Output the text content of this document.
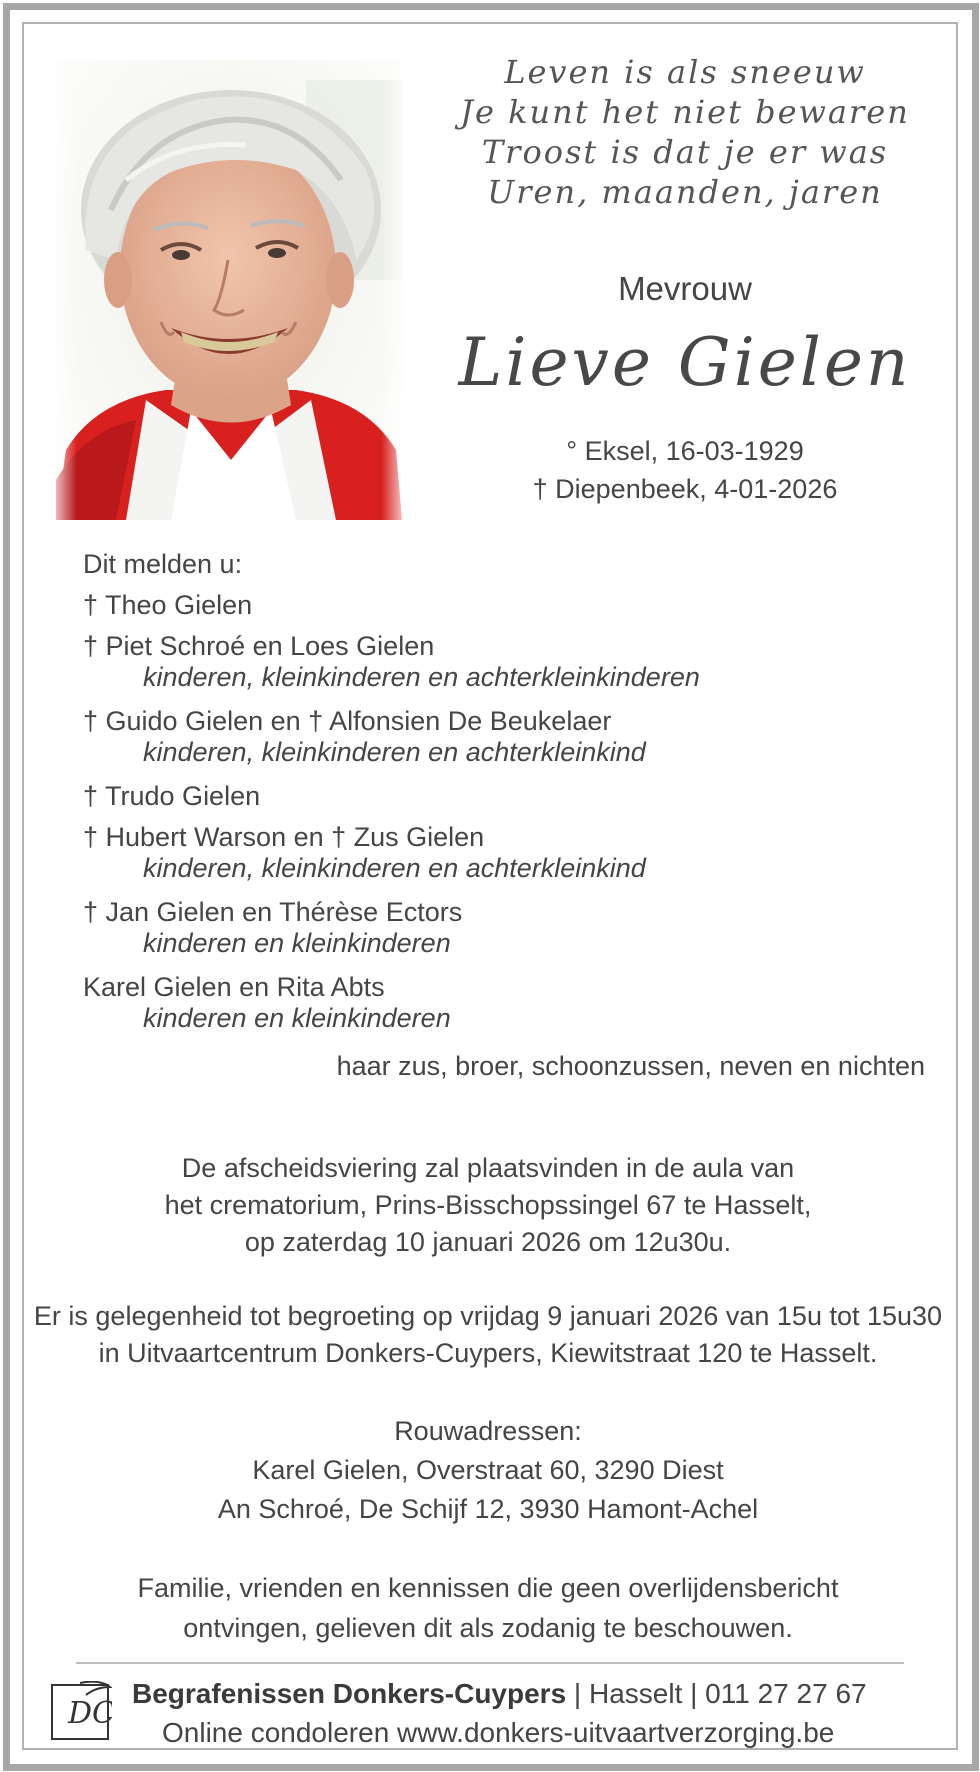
Leven is als sneeuw
Je kunt het niet bewaren
Troost is dat je er was
Uren, maanden, jaren
Mevrouw
Lieve Gielen
° Eksel, 16-03-1929
† Diepenbeek, 4-01-2026
Dit melden u:
† Theo Gielen
† Piet Schroé en Loes Gielen
kinderen, kleinkinderen en achterkleinkinderen
† Guido Gielen en † Alfonsien De Beukelaer
kinderen, kleinkinderen en achterkleinkind
† Trudo Gielen
† Hubert Warson en † Zus Gielen
kinderen, kleinkinderen en achterkleinkind
† Jan Gielen en Thérèse Ectors
kinderen en kleinkinderen
Karel Gielen en Rita Abts
kinderen en kleinkinderen
haar zus, broer, schoonzussen, neven en nichten
De afscheidsviering zal plaatsvinden in de aula van
het crematorium, Prins-Bisschopssingel 67 te Hasselt,
op zaterdag 10 januari 2026 om 12u30u.
Er is gelegenheid tot begroeting op vrijdag 9 januari 2026 van 15u tot 15u30
in Uitvaartcentrum Donkers-Cuypers, Kiewitstraat 120 te Hasselt.
Rouwadressen:
Karel Gielen, Overstraat 60, 3290 Diest
An Schroé, De Schijf 12, 3930 Hamont-Achel
Familie, vrienden en kennissen die geen overlijdensbericht
ontvingen, gelieven dit als zodanig te beschouwen.
DC
Begrafenissen Donkers-Cuypers | Hasselt | 011 27 27 67
Online condoleren www.donkers-uitvaartverzorging.be
